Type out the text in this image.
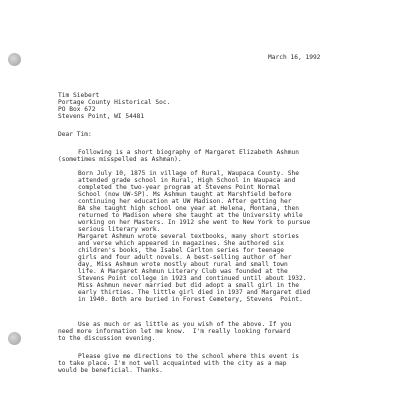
March 16, 1992
Tim Siebert
Portage County Historical Soc.
PO Box 672
Stevens Point, WI 54481
Dear Tim:
Following is a short biography of Margaret Elizabeth Ashmun
(sometimes misspelled as Ashman).
Born July 10, 1875 in village of Rural, Waupaca County. She
attended grade school in Rural, High School in Waupaca and
completed the two-year program at Stevens Point Normal
School (now UW-SP). Ms Ashmun taught at Marshfield before
continuing her education at UW Madison. After getting her
BA she taught high school one year at Helena, Montana, then
returned to Madison where she taught at the University while
working on her Masters. In 1912 she went to New York to pursue
serious literary work.
Margaret Ashmun wrote several textbooks, many short stories
and verse which appeared in magazines. She authored six
children's books, the Isabel Carlton series for teenage
girls and four adult novels. A best-selling author of her
day, Miss Ashmun wrote mostly about rural and small town
life. A Margaret Ashmun Literary Club was founded at the
Stevens Point college in 1923 and continued until about 1932.
Miss Ashmun never married but did adopt a small girl in the
early thirties. The little girl died in 1937 and Margaret died
in 1940. Both are buried in Forest Cemetery, Stevens  Point.
Use as much or as little as you wish of the above. If you
need more information let me know.  I'm really looking forward
to the discussion evening.
Please give me directions to the school where this event is
to take place. I'm not well acquainted with the city as a map
would be beneficial. Thanks.
